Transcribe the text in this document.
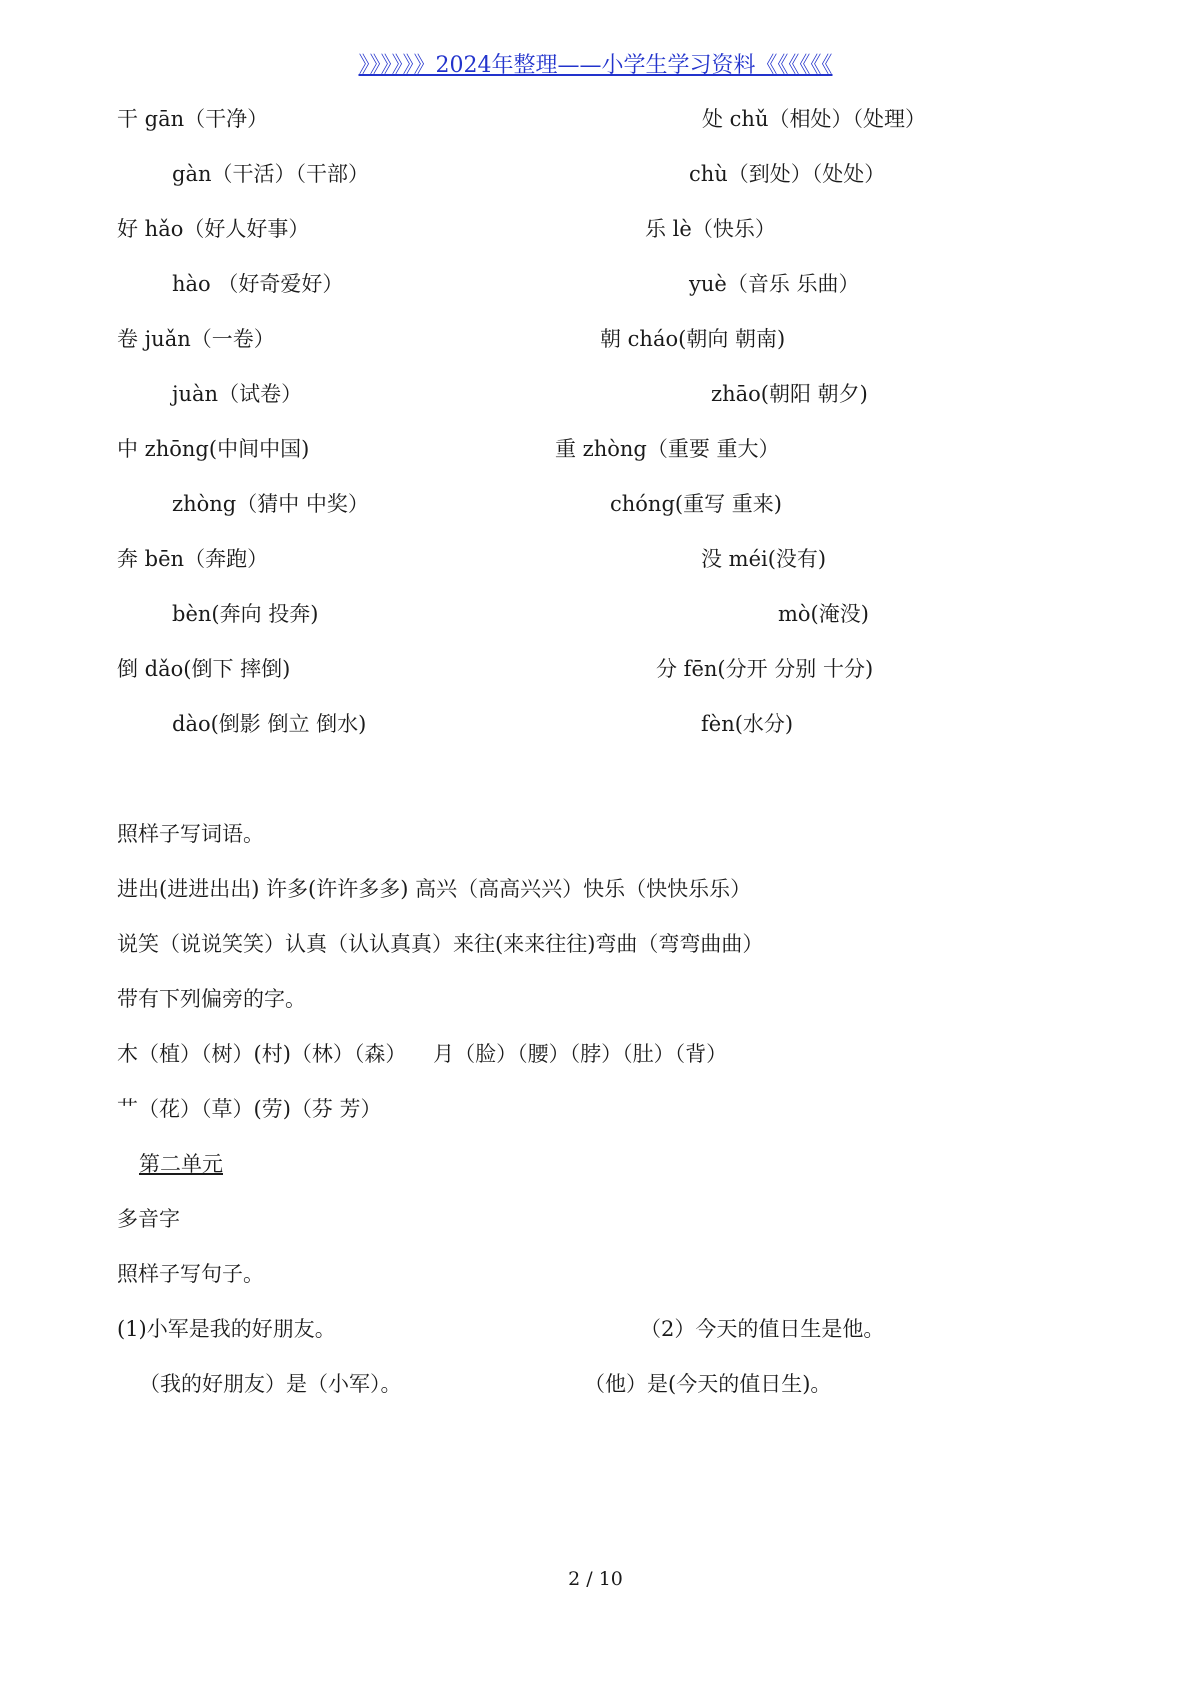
》》》》》》2024年整理——小学生学习资料《《《《《《
干 gān（干净）
gàn（干活）（干部）
处 chǔ（相处）（处理）
chù（到处）（处处）
好 hǎo（好人好事）
hào （好奇爱好）
乐 lè（快乐）
yuè（音乐 乐曲）
卷 juǎn（一卷）
juàn（试卷）
朝 cháo(朝向 朝南)
zhāo(朝阳 朝夕)
中 zhōng(中间中国)
zhòng（猜中 中奖）
重 zhòng（重要 重大）
chóng(重写 重来)
奔 bēn（奔跑）
bèn(奔向 投奔)
没 méi(没有)
mò(淹没)
倒 dǎo(倒下 摔倒)
dào(倒影 倒立 倒水)
分 fēn(分开 分别 十分)
fèn(水分)
照样子写词语。
进出(进进出出) 许多(许许多多) 高兴（高高兴兴）快乐（快快乐乐）
说笑（说说笑笑）认真（认认真真）来往(来来往往)弯曲（弯弯曲曲）
带有下列偏旁的字。
木（植）（树）(村)（林）（森）    月（脸）（腰）（脖）（肚）（背）
艹（花）（草）(劳)（芬 芳）
第二单元
多音字
照样子写句子。
(1)小军是我的好朋友。
（我的好朋友）是（小军）。
（2）今天的值日生是他。
（他）是(今天的值日生)。
2 / 10
